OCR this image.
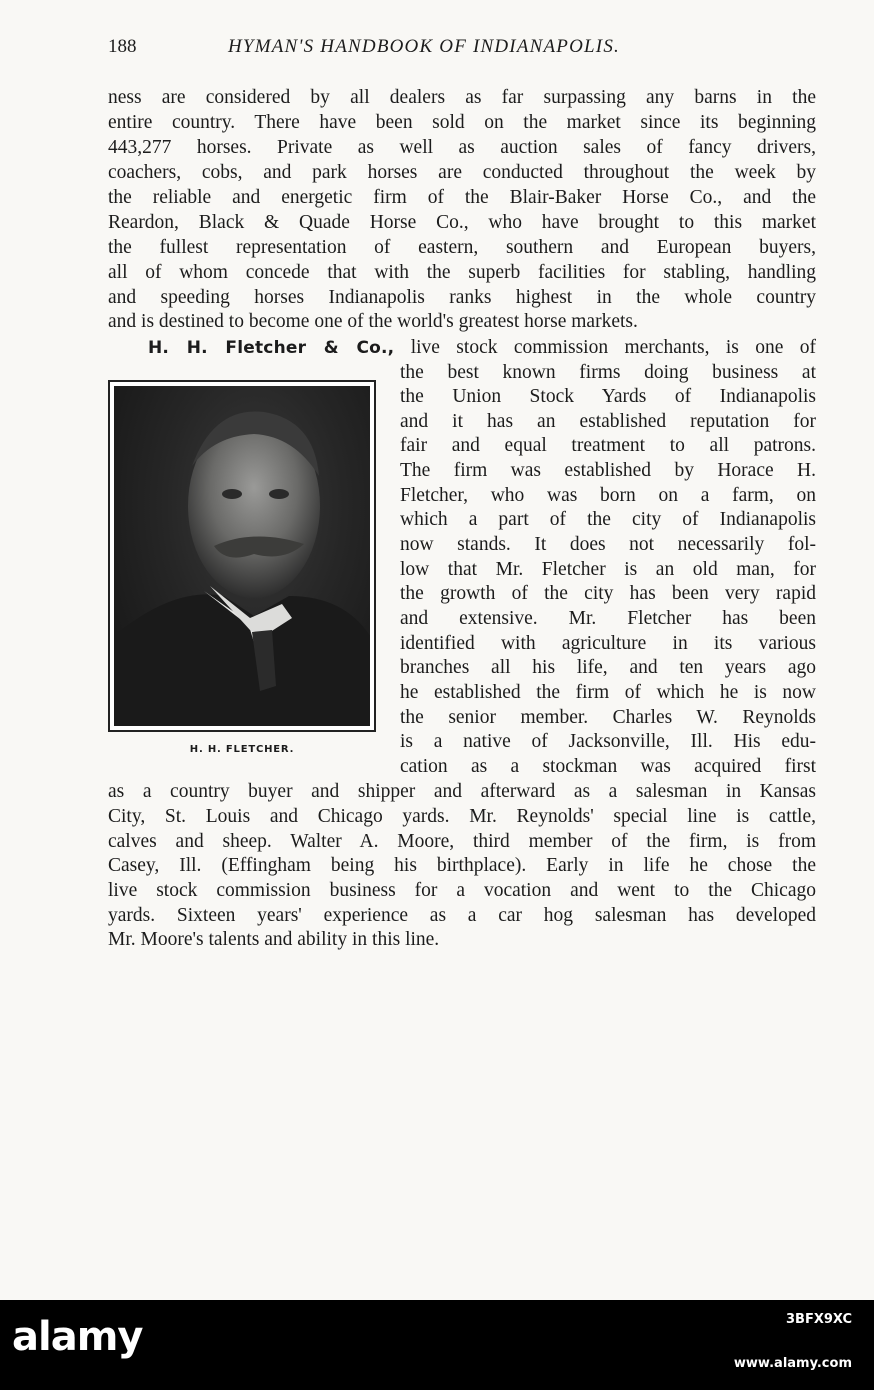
188	HYMAN'S HANDBOOK OF INDIANAPOLIS.
ness are considered by all dealers as far surpassing any barns in the
entire country. There have been sold on the market since its beginning
443,277 horses. Private as well as auction sales of fancy drivers,
coachers, cobs, and park horses are conducted throughout the week by
the reliable and energetic firm of the Blair-Baker Horse Co., and the
Reardon, Black & Quade Horse Co., who have brought to this market
the fullest representation of eastern, southern and European buyers,
all of whom concede that with the superb facilities for stabling, handling
and speeding horses Indianapolis ranks highest in the whole country
and is destined to become one of the world's greatest horse markets.
H. H. Fletcher & Co., live stock commission merchants, is one of
H. H. FLETCHER.
the best known firms doing business at
the Union Stock Yards of Indianapolis
and it has an established reputation for
fair and equal treatment to all patrons.
The firm was established by Horace H.
Fletcher, who was born on a farm, on
which a part of the city of Indianapolis
now stands. It does not necessarily fol-
low that Mr. Fletcher is an old man, for
the growth of the city has been very rapid
and extensive. Mr. Fletcher has been
identified with agriculture in its various
branches all his life, and ten years ago
he established the firm of which he is now
the senior member. Charles W. Reynolds
is a native of Jacksonville, Ill. His edu-
cation as a stockman was acquired first
as a country buyer and shipper and afterward as a salesman in Kansas
City, St. Louis and Chicago yards. Mr. Reynolds' special line is cattle,
calves and sheep. Walter A. Moore, third member of the firm, is from
Casey, Ill. (Effingham being his birthplace). Early in life he chose the
live stock commission business for a vocation and went to the Chicago
yards. Sixteen years' experience as a car hog salesman has developed
Mr. Moore's talents and ability in this line.
alamy	3BFX9XC
www.alamy.com
